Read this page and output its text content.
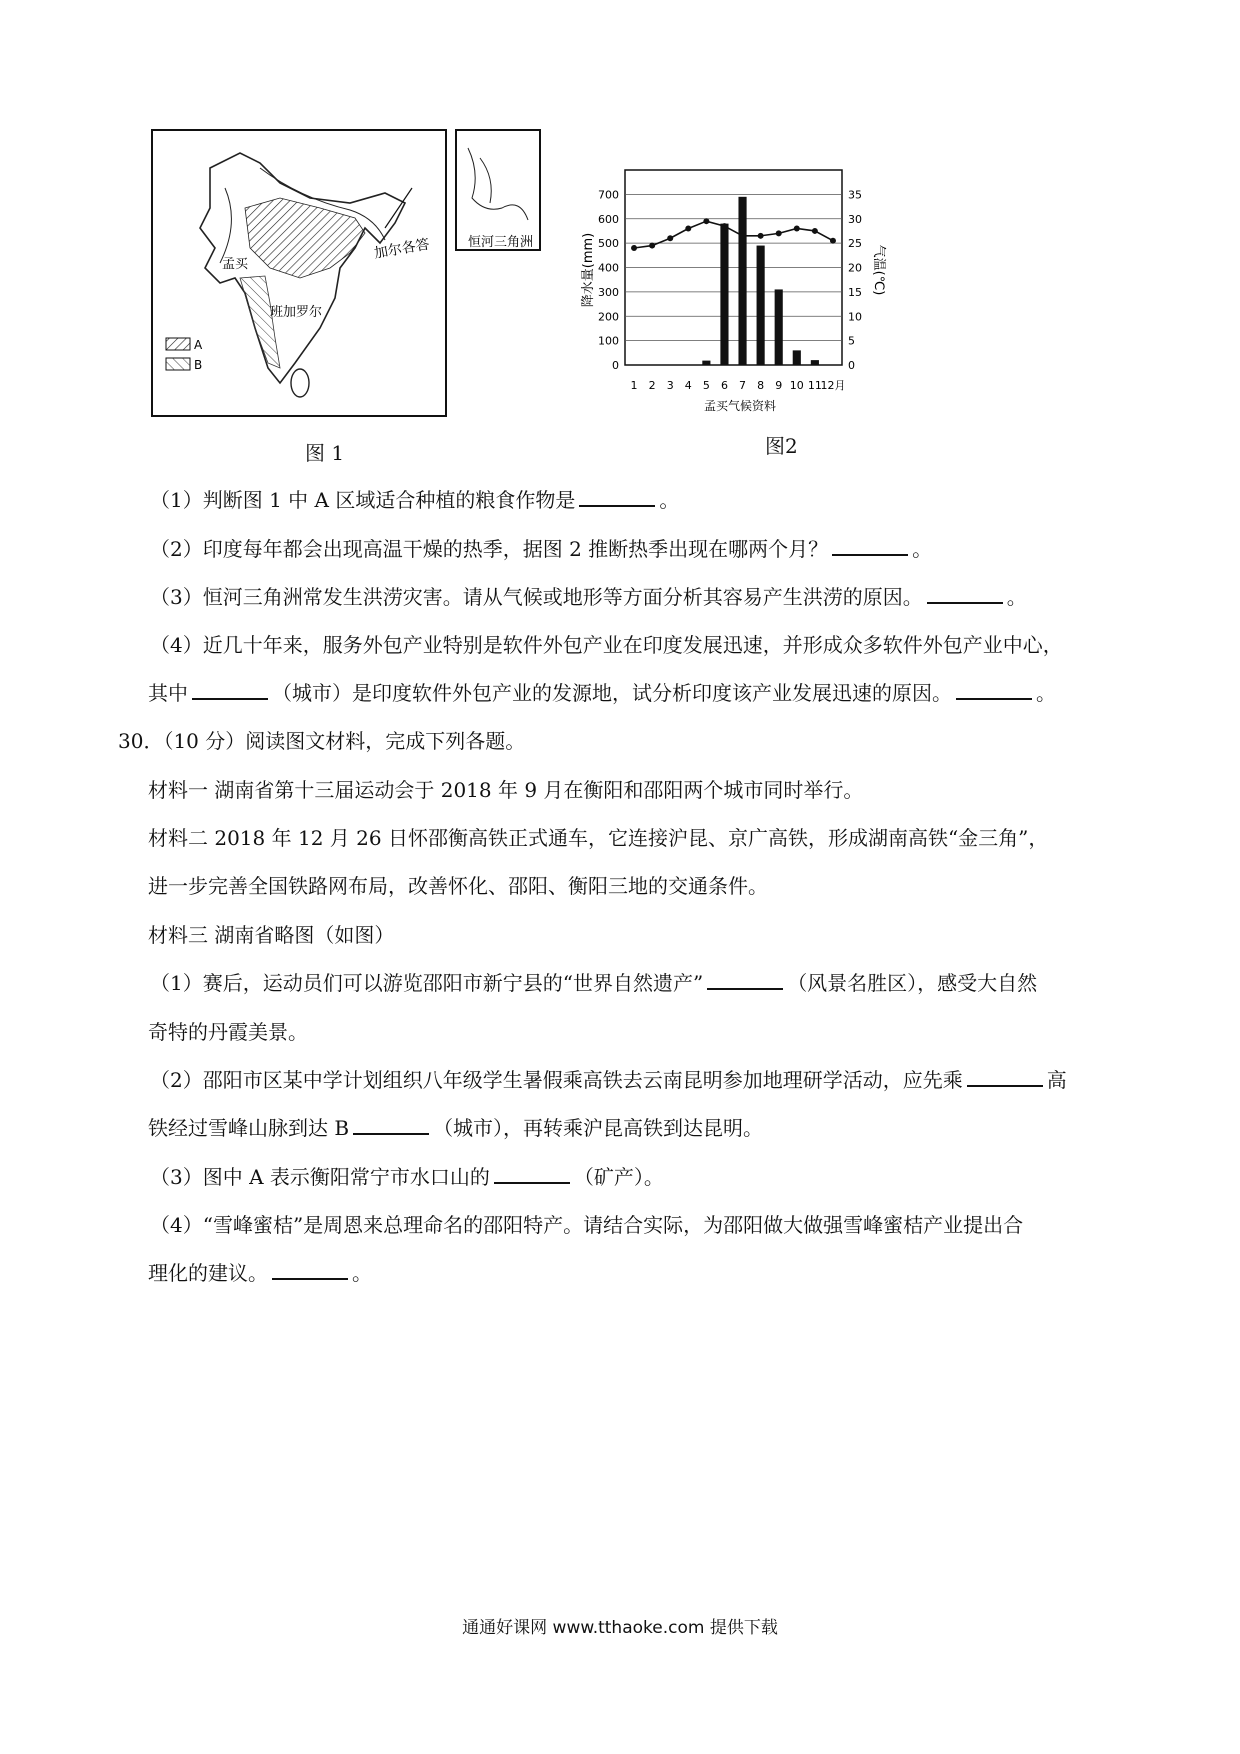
加尔各答
孟买
班加罗尔
A
B
恒河三角洲
图 1
降水量(mm)	气温(℃)
0
100
200
300
400
500
600
700
0
5
10
15
20
25
30
35
1 2 3 4 5 6 7 8 9 10 11
12月
孟买气候资料
图2
（1）判断图 1 中 A 区域适合种植的粮食作物是	。
（2）印度每年都会出现高温干燥的热季，据图 2 推断热季出现在哪两个月？	。
（3）恒河三角洲常发生洪涝灾害。请从气候或地形等方面分析其容易产生洪涝的原因。	。
（4）近几十年来，服务外包产业特别是软件外包产业在印度发展迅速，并形成众多软件外包产业中心，
其中	（城市）是印度软件外包产业的发源地，试分析印度该产业发展迅速的原因。	。
30．（10 分）阅读图文材料，完成下列各题。
材料一 湖南省第十三届运动会于 2018 年 9 月在衡阳和邵阳两个城市同时举行。
材料二 2018 年 12 月 26 日怀邵衡高铁正式通车，它连接沪昆、京广高铁，形成湖南高铁“金三角”，
进一步完善全国铁路网布局，改善怀化、邵阳、衡阳三地的交通条件。
材料三 湖南省略图（如图）
（1）赛后，运动员们可以游览邵阳市新宁县的“世界自然遗产”	（风景名胜区），感受大自然
奇特的丹霞美景。
（2）邵阳市区某中学计划组织八年级学生暑假乘高铁去云南昆明参加地理研学活动，应先乘	高
铁经过雪峰山脉到达 B	（城市），再转乘沪昆高铁到达昆明。
（3）图中 A 表示衡阳常宁市水口山的	（矿产）。
（4）“雪峰蜜桔”是周恩来总理命名的邵阳特产。请结合实际，为邵阳做大做强雪峰蜜桔产业提出合
理化的建议。	。
通通好课网 www.tthaoke.com 提供下载
